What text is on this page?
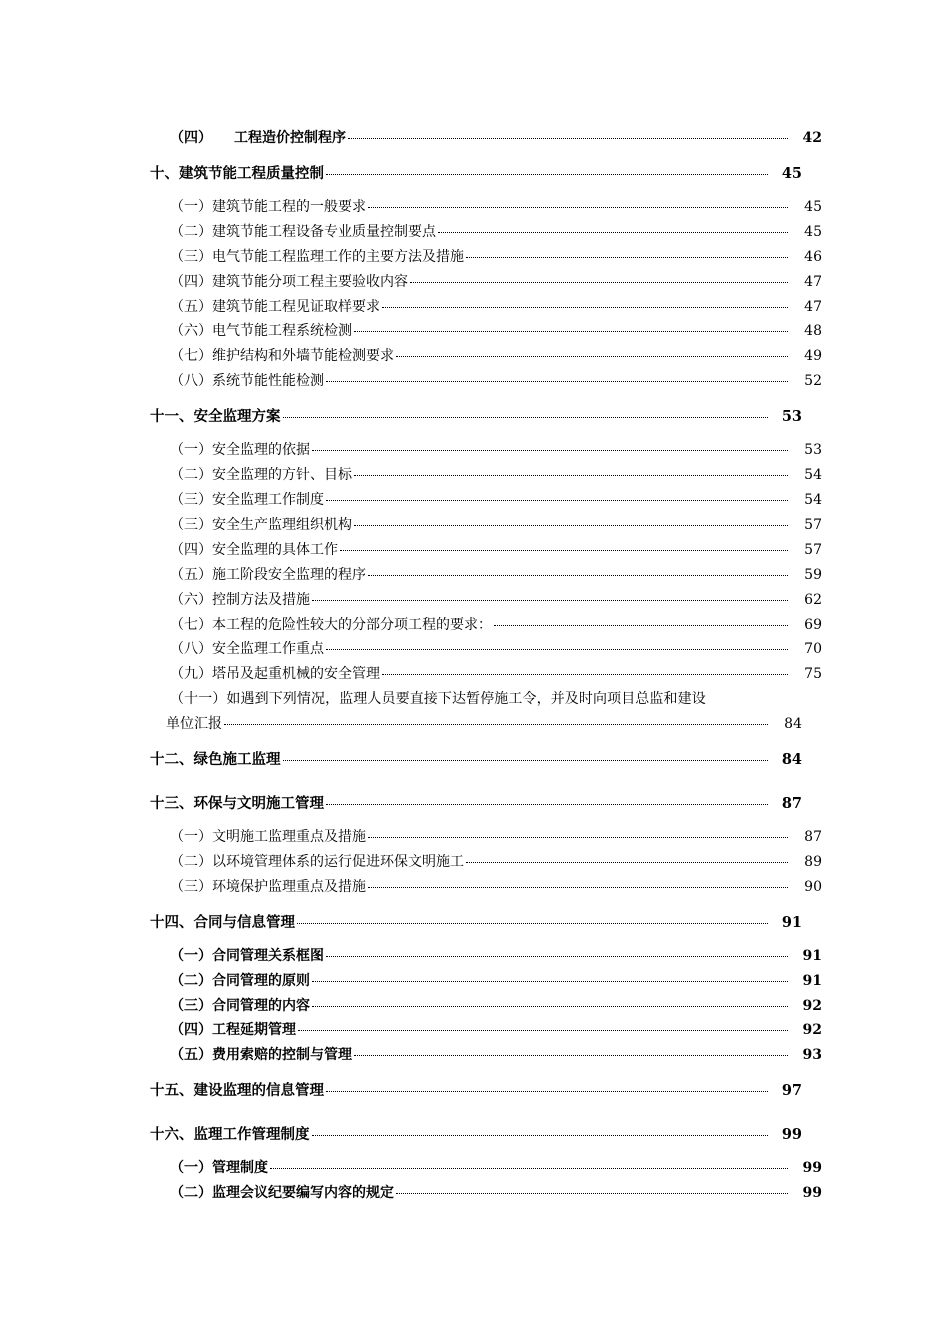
（四） 工程造价控制程序	42
十、建筑节能工程质量控制	45
（一）建筑节能工程的一般要求	45
（二）建筑节能工程设备专业质量控制要点	45
（三）电气节能工程监理工作的主要方法及措施	46
（四）建筑节能分项工程主要验收内容	47
（五）建筑节能工程见证取样要求	47
（六）电气节能工程系统检测	48
（七）维护结构和外墙节能检测要求	49
（八）系统节能性能检测	52
十一、安全监理方案	53
（一）安全监理的依据	53
（二）安全监理的方针、目标	54
（三）安全监理工作制度	54
（三）安全生产监理组织机构	57
（四）安全监理的具体工作	57
（五）施工阶段安全监理的程序	59
（六）控制方法及措施	62
（七）本工程的危险性较大的分部分项工程的要求：	69
（八）安全监理工作重点	70
（九）塔吊及起重机械的安全管理	75
（十一）如遇到下列情况，监理人员要直接下达暂停施工令，并及时向项目总监和建设
单位汇报	84
十二、绿色施工监理	84
十三、环保与文明施工管理	87
（一）文明施工监理重点及措施	87
（二）以环境管理体系的运行促进环保文明施工	89
（三）环境保护监理重点及措施	90
十四、合同与信息管理	91
（一）合同管理关系框图	91
（二）合同管理的原则	91
（三）合同管理的内容	92
（四）工程延期管理	92
（五）费用索赔的控制与管理	93
十五、建设监理的信息管理	97
十六、监理工作管理制度	99
（一）管理制度	99
（二）监理会议纪要编写内容的规定	99
